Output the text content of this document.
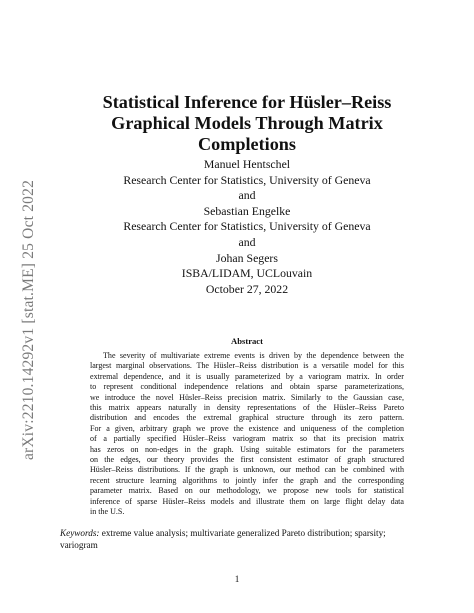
arXiv:2210.14292v1 [stat.ME] 25 Oct 2022
Statistical Inference for Hüsler–Reiss
Graphical Models Through Matrix
Completions
Manuel Hentschel
Research Center for Statistics, University of Geneva
and
Sebastian Engelke
Research Center for Statistics, University of Geneva
and
Johan Segers
ISBA/LIDAM, UCLouvain
October 27, 2022
Abstract
The severity of multivariate extreme events is driven by the dependence between the
largest marginal observations. The Hüsler–Reiss distribution is a versatile model for this
extremal dependence, and it is usually parameterized by a variogram matrix. In order
to represent conditional independence relations and obtain sparse parameterizations,
we introduce the novel Hüsler–Reiss precision matrix. Similarly to the Gaussian case,
this matrix appears naturally in density representations of the Hüsler–Reiss Pareto
distribution and encodes the extremal graphical structure through its zero pattern.
For a given, arbitrary graph we prove the existence and uniqueness of the completion
of a partially specified Hüsler–Reiss variogram matrix so that its precision matrix
has zeros on non-edges in the graph. Using suitable estimators for the parameters
on the edges, our theory provides the first consistent estimator of graph structured
Hüsler–Reiss distributions. If the graph is unknown, our method can be combined with
recent structure learning algorithms to jointly infer the graph and the corresponding
parameter matrix. Based on our methodology, we propose new tools for statistical
inference of sparse Hüsler–Reiss models and illustrate them on large flight delay data
in the U.S.
Keywords: extreme value analysis; multivariate generalized Pareto distribution; sparsity;
variogram
1
